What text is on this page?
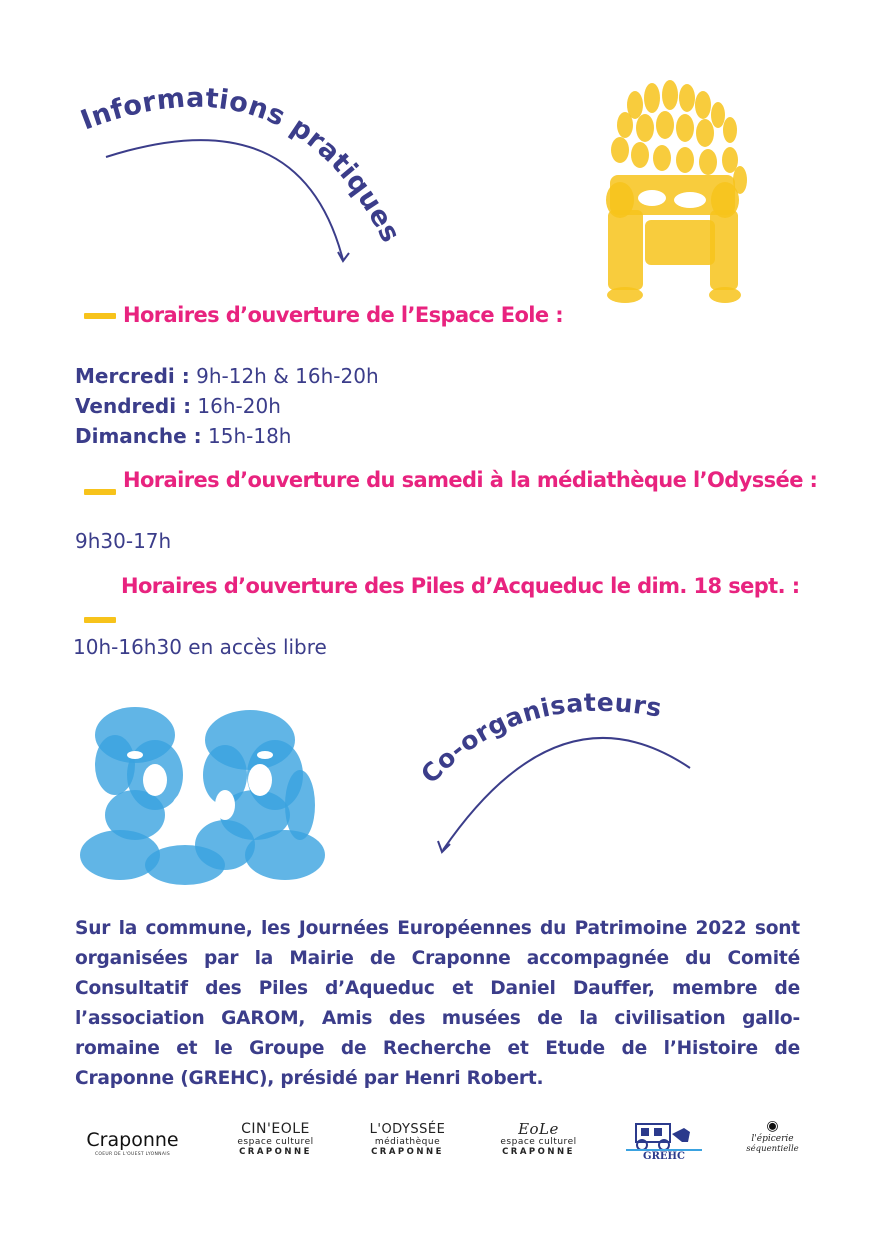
Informations pratiques
Horaires d’ouverture de l’Espace Eole :
Mercredi : 9h-12h & 16h-20h
Vendredi : 16h-20h
Dimanche : 15h-18h
Horaires d’ouverture du samedi à la médiathèque l’Odyssée :
9h30-17h
Horaires d’ouverture des Piles d’Acqueduc le dim. 18 sept. :
10h-16h30 en accès libre
Co-organisateurs
Sur la commune, les Journées Européennes du Patrimoine 2022 sont organisées par la Mairie de Craponne accompagnée du Comité Consultatif des Piles d’Aqueduc et Daniel Dauffer, membre de l’association GAROM, Amis des musées de la civilisation gallo-romaine et le Groupe de Recherche et Etude de l’Histoire de Craponne (GREHC), présidé par Henri Robert.
Craponne
COEUR DE L'OUEST LYONNAIS
CIN'EOLE
espace culturel
CRAPONNE
L'ODYSSÉE
médiathèque
CRAPONNE
EoLe
espace culturel
CRAPONNE	GREHC
◉
l'épicerie
séquentielle
